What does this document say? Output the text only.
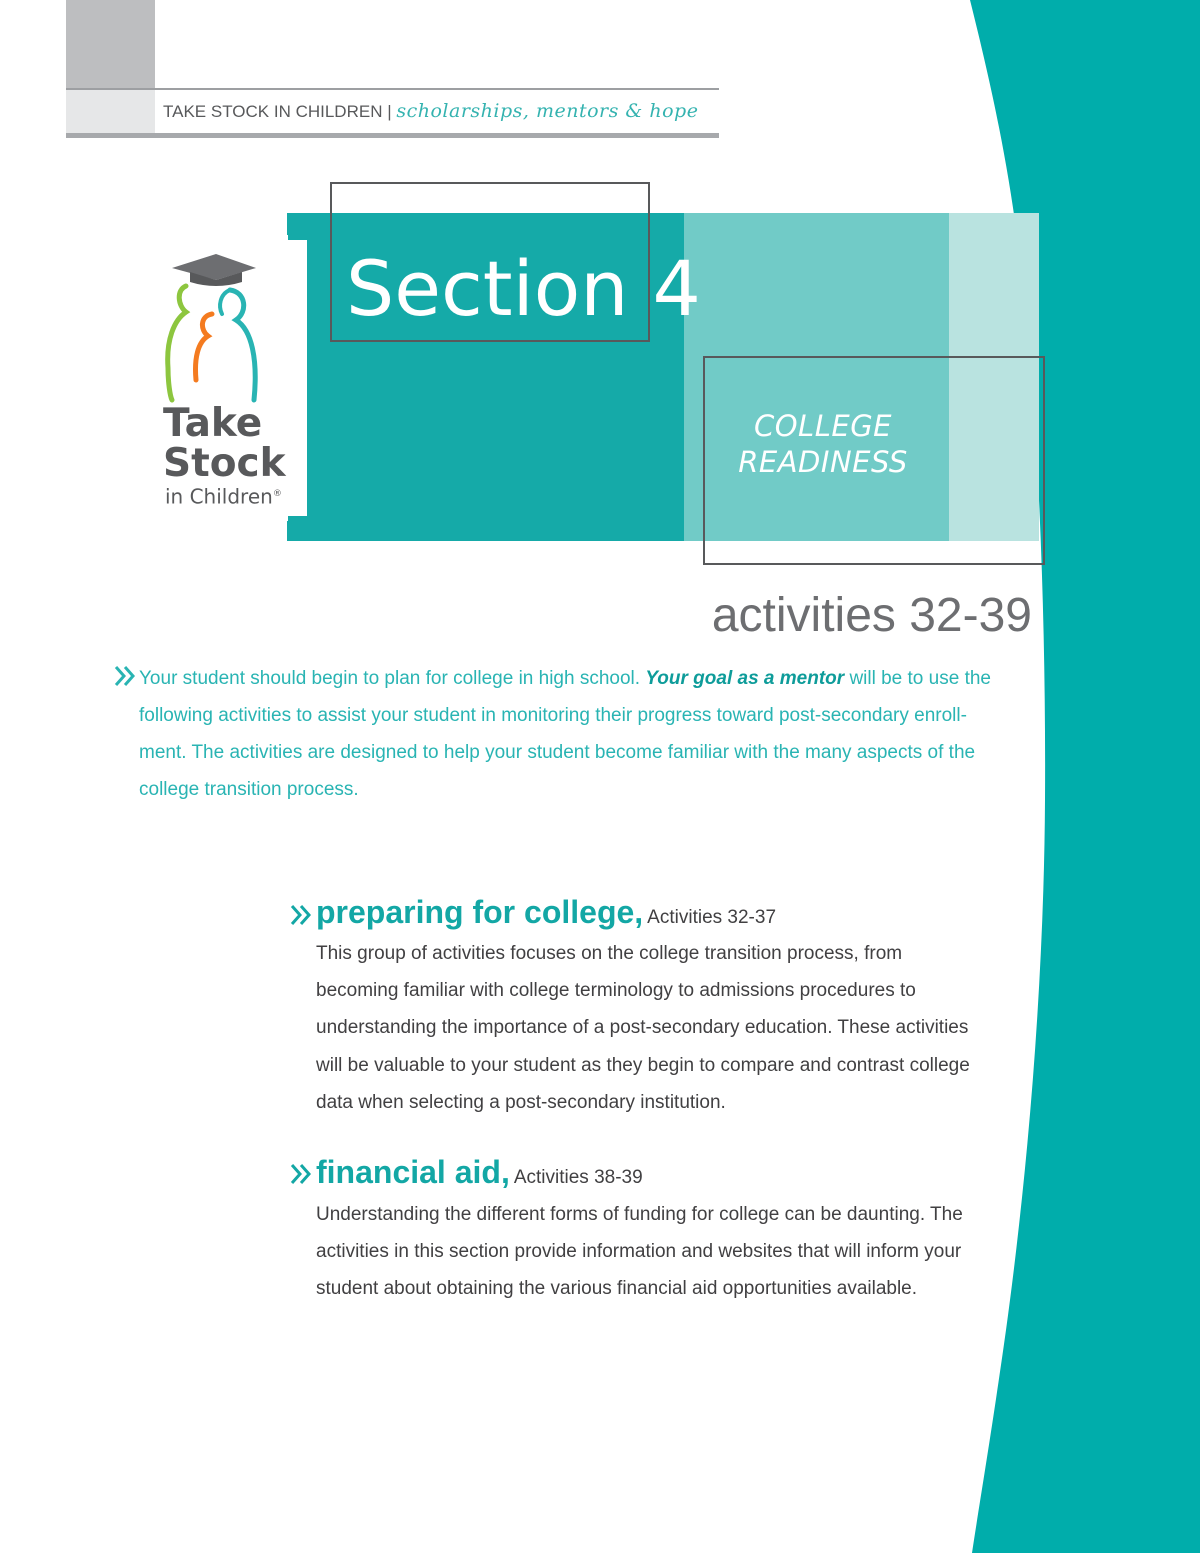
TAKE STOCK IN CHILDREN | scholarships, mentors & hope
Section 4
COLLEGE
READINESS
Take
Stock
in Children®
activities 32-39
Your student should begin to plan for college in high school. Your goal as a mentor will be to use the following activities to assist your student in monitoring their progress toward post-secondary enroll-ment. The activities are designed to help your student become familiar with the many aspects of the college transition process.
preparing for college, Activities 32-37
This group of activities focuses on the college transition process, from becoming familiar with college terminology to admissions procedures to understanding the importance of a post-secondary education. These activities will be valuable to your student as they begin to compare and contrast college data when selecting a post-secondary institution.
financial aid, Activities 38-39
Understanding the different forms of funding for college can be daunting. The activities in this section provide information and websites that will inform your student about obtaining the various financial aid opportunities available.
